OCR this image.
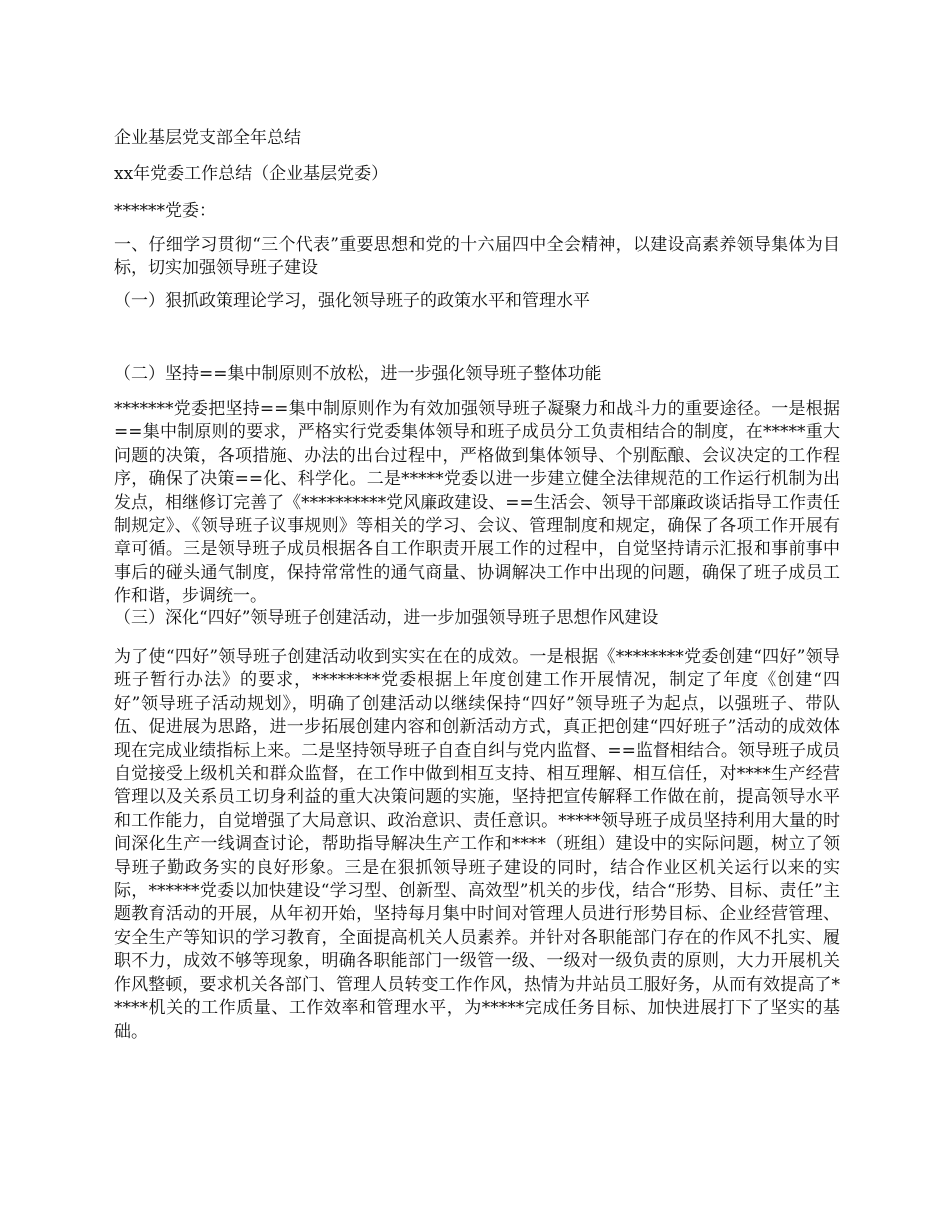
企业基层党支部全年总结

xx年党委工作总结（企业基层党委）

******党委：

一、仔细学习贯彻“三个代表”重要思想和党的十六届四中全会精神，以建设高素养领导集体为目标，切实加强领导班子建设

（一）狠抓政策理论学习，强化领导班子的政策水平和管理水平

（二）坚持==集中制原则不放松，进一步强化领导班子整体功能

*******党委把坚持==集中制原则作为有效加强领导班子凝聚力和战斗力的重要途径。一是根据==集中制原则的要求，严格实行党委集体领导和班子成员分工负责相结合的制度，在*****重大问题的决策，各项措施、办法的出台过程中，严格做到集体领导、个别酝酿、会议决定的工作程序，确保了决策==化、科学化。二是*****党委以进一步建立健全法律规范的工作运行机制为出发点，相继修订完善了《**********党风廉政建设、==生活会、领导干部廉政谈话指导工作责任制规定》、《领导班子议事规则》等相关的学习、会议、管理制度和规定，确保了各项工作开展有章可循。三是领导班子成员根据各自工作职责开展工作的过程中，自觉坚持请示汇报和事前事中事后的碰头通气制度，保持常常性的通气商量、协调解决工作中出现的问题，确保了班子成员工作和谐，步调统一。

（三）深化“四好”领导班子创建活动，进一步加强领导班子思想作风建设

为了使“四好”领导班子创建活动收到实实在在的成效。一是根据《********党委创建“四好”领导班子暂行办法》的要求，********党委根据上年度创建工作开展情况，制定了年度《创建“四好”领导班子活动规划》，明确了创建活动以继续保持“四好”领导班子为起点，以强班子、带队伍、促进展为思路，进一步拓展创建内容和创新活动方式，真正把创建“四好班子”活动的成效体现在完成业绩指标上来。二是坚持领导班子自查自纠与党内监督、==监督相结合。领导班子成员自觉接受上级机关和群众监督，在工作中做到相互支持、相互理解、相互信任，对****生产经营管理以及关系员工切身利益的重大决策问题的实施，坚持把宣传解释工作做在前，提高领导水平和工作能力，自觉增强了大局意识、政治意识、责任意识。*****领导班子成员坚持利用大量的时间深化生产一线调查讨论，帮助指导解决生产工作和****（班组）建设中的实际问题，树立了领导班子勤政务实的良好形象。三是在狠抓领导班子建设的同时，结合作业区机关运行以来的实际，******党委以加快建设“学习型、创新型、高效型”机关的步伐，结合“形势、目标、责任”主题教育活动的开展，从年初开始，坚持每月集中时间对管理人员进行形势目标、企业经营管理、安全生产等知识的学习教育，全面提高机关人员素养。并针对各职能部门存在的作风不扎实、履职不力，成效不够等现象，明确各职能部门一级管一级、一级对一级负责的原则，大力开展机关作风整顿，要求机关各部门、管理人员转变工作作风，热情为井站员工服好务，从而有效提高了*****机关的工作质量、工作效率和管理水平，为*****完成任务目标、加快进展打下了坚实的基础。
